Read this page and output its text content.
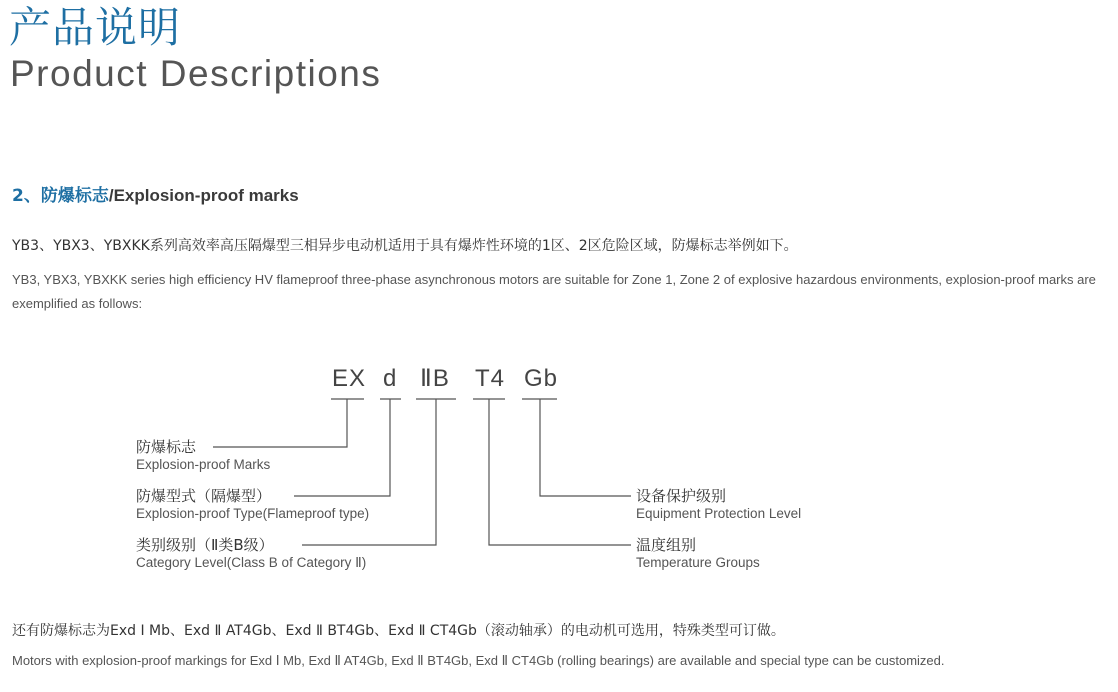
产品说明
Product Descriptions
2、防爆标志/Explosion-proof marks
YB3、YBX3、YBXKK系列高效率高压隔爆型三相异步电动机适用于具有爆炸性环境的1区、2区危险区域，防爆标志举例如下。
YB3, YBX3, YBXKK series high efficiency HV flameproof three-phase asynchronous motors are suitable for Zone 1, Zone 2 of explosive hazardous environments, explosion-proof marks are exemplified as follows:
EX d ⅡB T4 Gb
防爆标志
Explosion-proof Marks
防爆型式（隔爆型）
Explosion-proof Type(Flameproof type)
类别级别（Ⅱ类B级）
Category Level(Class B of Category Ⅱ)
设备保护级别
Equipment Protection Level
温度组别
Temperature Groups
还有防爆标志为Exd Ⅰ Mb、Exd Ⅱ AT4Gb、Exd Ⅱ BT4Gb、Exd Ⅱ CT4Gb（滚动轴承）的电动机可选用，特殊类型可订做。
Motors with explosion-proof markings for Exd Ⅰ Mb, Exd Ⅱ AT4Gb, Exd Ⅱ BT4Gb, Exd Ⅱ CT4Gb (rolling bearings) are available and special type can be customized.
